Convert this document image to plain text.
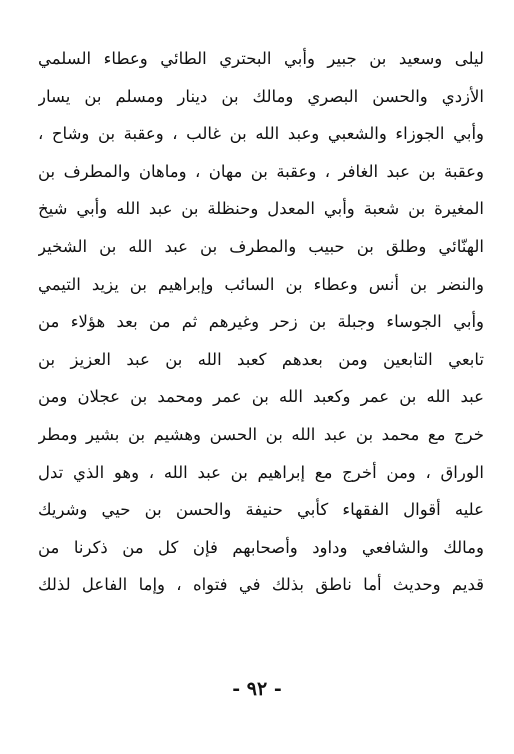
ليلى وسعيد بن جبير وأبي البحتري الطائي وعطاء السلمي
الأزدي والحسن البصري ومالك بن دينار ومسلم بن يسار
وأبي الجوزاء والشعبي وعبد الله بن غالب ، وعقبة بن وشاح ،
وعقبة بن عبد الغافر ، وعقبة بن مهان ، وماهان والمطرف بن
المغيرة بن شعبة وأبي المعدل وحنظلة بن عبد الله وأبي شيخ
الهنّائي وطلق بن حبيب والمطرف بن عبد الله بن الشخير
والنضر بن أنس وعطاء بن السائب وإبراهيم بن يزيد التيمي
وأبي الجوساء وجبلة بن زحر وغيرهم ثم من بعد هؤلاء من
تابعي التابعين ومن بعدهم كعبد الله بن عبد العزيز بن
عبد الله بن عمر وكعبد الله بن عمر ومحمد بن عجلان ومن
خرج مع محمد بن عبد الله بن الحسن وهشيم بن بشير ومطر
الوراق ، ومن أخرج مع إبراهيم بن عبد الله ، وهو الذي تدل
عليه أقوال الفقهاء كأبي حنيفة والحسن بن حيي وشريك
ومالك والشافعي وداود وأصحابهم فإن كل من ذكرنا من
قديم وحديث أما ناطق بذلك في فتواه ، وإما الفاعل لذلك
- ٩٢ -
